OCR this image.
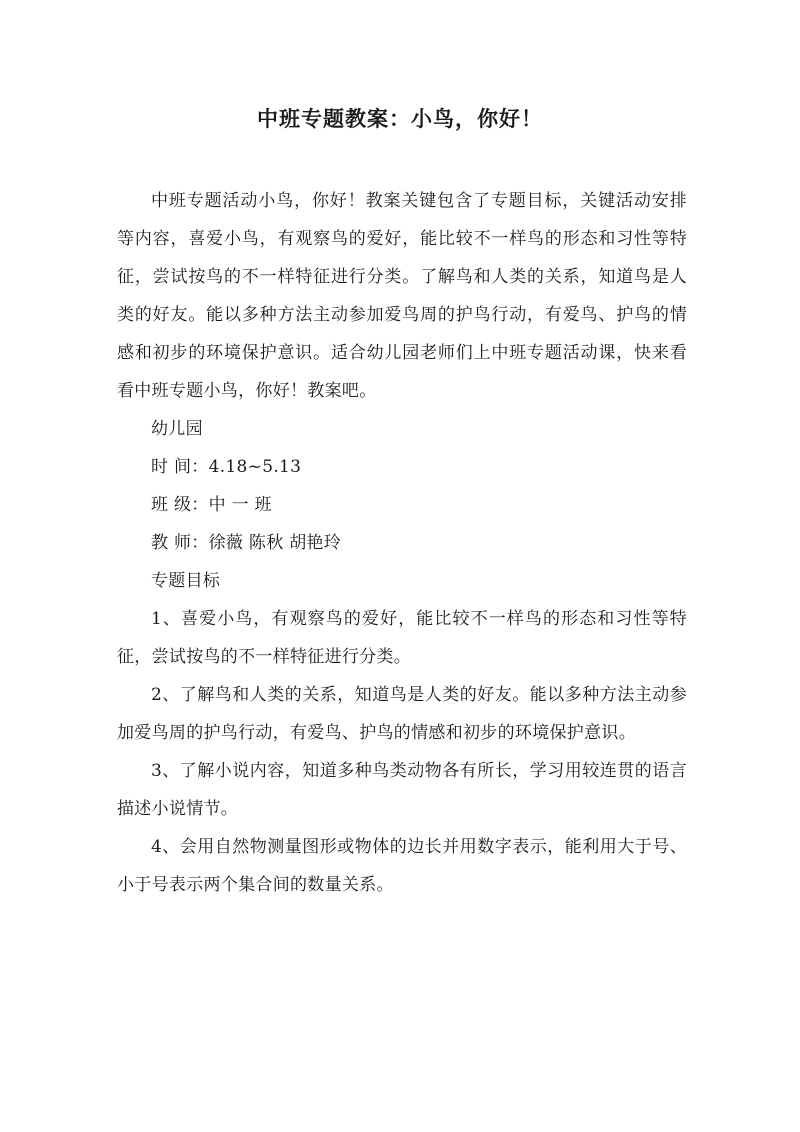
中班专题教案：小鸟，你好！

中班专题活动小鸟，你好！教案关键包含了专题目标，关键活动安排等内容，喜爱小鸟，有观察鸟的爱好，能比较不一样鸟的形态和习性等特征，尝试按鸟的不一样特征进行分类。了解鸟和人类的关系，知道鸟是人类的好友。能以多种方法主动参加爱鸟周的护鸟行动，有爱鸟、护鸟的情感和初步的环境保护意识。适合幼儿园老师们上中班专题活动课，快来看看中班专题小鸟，你好！教案吧。

幼儿园

时 间：4.18~5.13

班 级：中 一 班

教 师：徐薇 陈秋 胡艳玲

专题目标

1、喜爱小鸟，有观察鸟的爱好，能比较不一样鸟的形态和习性等特征，尝试按鸟的不一样特征进行分类。

2、了解鸟和人类的关系，知道鸟是人类的好友。能以多种方法主动参加爱鸟周的护鸟行动，有爱鸟、护鸟的情感和初步的环境保护意识。

3、了解小说内容，知道多种鸟类动物各有所长，学习用较连贯的语言描述小说情节。

4、会用自然物测量图形或物体的边长并用数字表示，能利用大于号、小于号表示两个集合间的数量关系。
